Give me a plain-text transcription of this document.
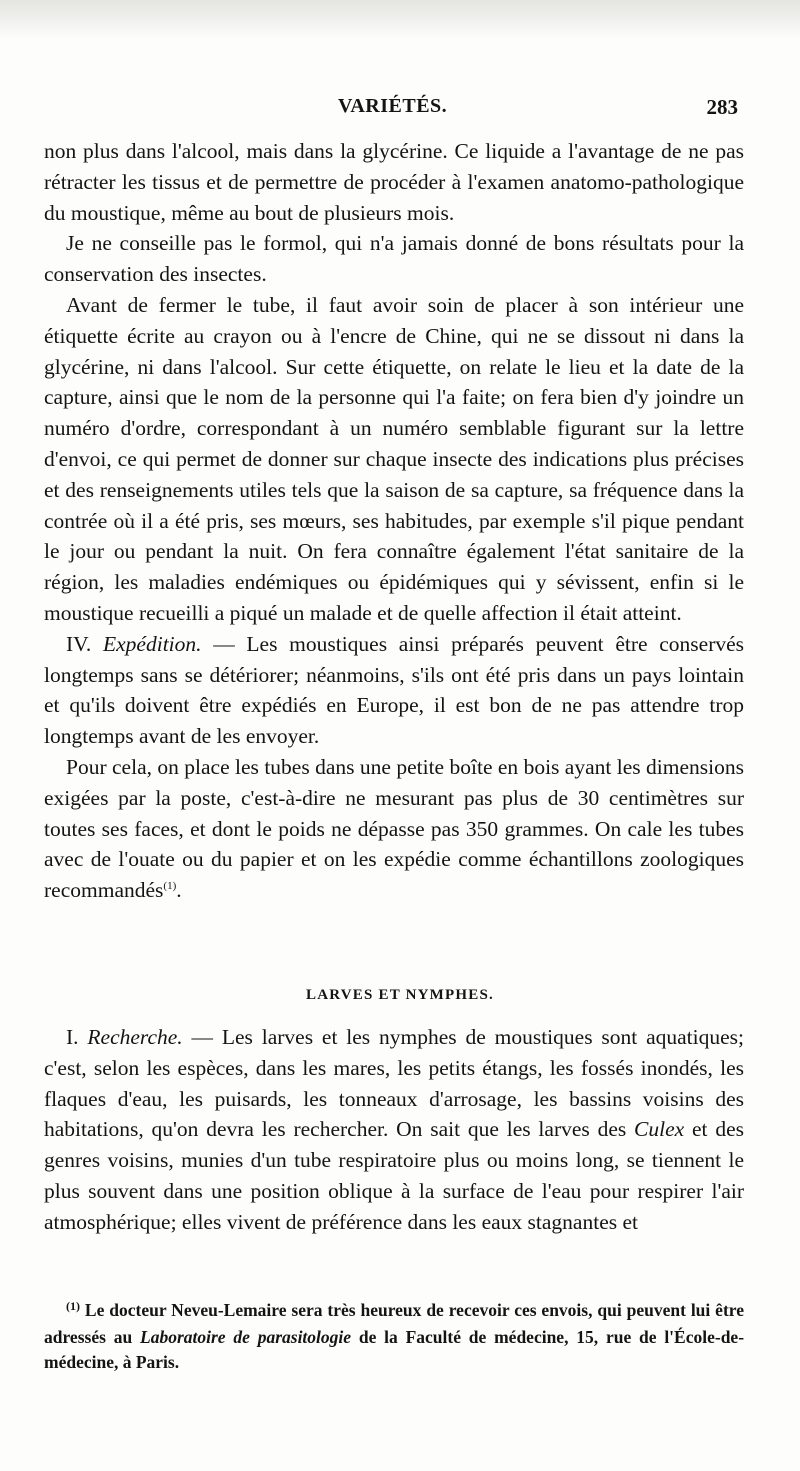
VARIÉTÉS.	283

non plus dans l'alcool, mais dans la glycérine. Ce liquide a l'avantage de ne pas rétracter les tissus et de permettre de procéder à l'examen anatomo-pathologique du moustique, même au bout de plusieurs mois.

Je ne conseille pas le formol, qui n'a jamais donné de bons résultats pour la conservation des insectes.

Avant de fermer le tube, il faut avoir soin de placer à son intérieur une étiquette écrite au crayon ou à l'encre de Chine, qui ne se dissout ni dans la glycérine, ni dans l'alcool. Sur cette étiquette, on relate le lieu et la date de la capture, ainsi que le nom de la personne qui l'a faite; on fera bien d'y joindre un numéro d'ordre, correspondant à un numéro semblable figurant sur la lettre d'envoi, ce qui permet de donner sur chaque insecte des indications plus précises et des renseignements utiles tels que la saison de sa capture, sa fréquence dans la contrée où il a été pris, ses mœurs, ses habitudes, par exemple s'il pique pendant le jour ou pendant la nuit. On fera connaître également l'état sanitaire de la région, les maladies endémiques ou épidémiques qui y sévissent, enfin si le moustique recueilli a piqué un malade et de quelle affection il était atteint.

IV. Expédition. — Les moustiques ainsi préparés peuvent être conservés longtemps sans se détériorer; néanmoins, s'ils ont été pris dans un pays lointain et qu'ils doivent être expédiés en Europe, il est bon de ne pas attendre trop longtemps avant de les envoyer.

Pour cela, on place les tubes dans une petite boîte en bois ayant les dimensions exigées par la poste, c'est-à-dire ne mesurant pas plus de 30 centimètres sur toutes ses faces, et dont le poids ne dépasse pas 350 grammes. On cale les tubes avec de l'ouate ou du papier et on les expédie comme échantillons zoologiques recommandés$^{(1)}$.

LARVES ET NYMPHES.

I. Recherche. — Les larves et les nymphes de moustiques sont aquatiques; c'est, selon les espèces, dans les mares, les petits étangs, les fossés inondés, les flaques d'eau, les puisards, les tonneaux d'arrosage, les bassins voisins des habitations, qu'on devra les rechercher. On sait que les larves des Culex et des genres voisins, munies d'un tube respiratoire plus ou moins long, se tiennent le plus souvent dans une position oblique à la surface de l'eau pour respirer l'air atmosphérique; elles vivent de préférence dans les eaux stagnantes et

$^{(1)}$ Le docteur Neveu-Lemaire sera très heureux de recevoir ces envois, qui peuvent lui être adressés au Laboratoire de parasitologie de la Faculté de médecine, 15, rue de l'École-de-médecine, à Paris.
